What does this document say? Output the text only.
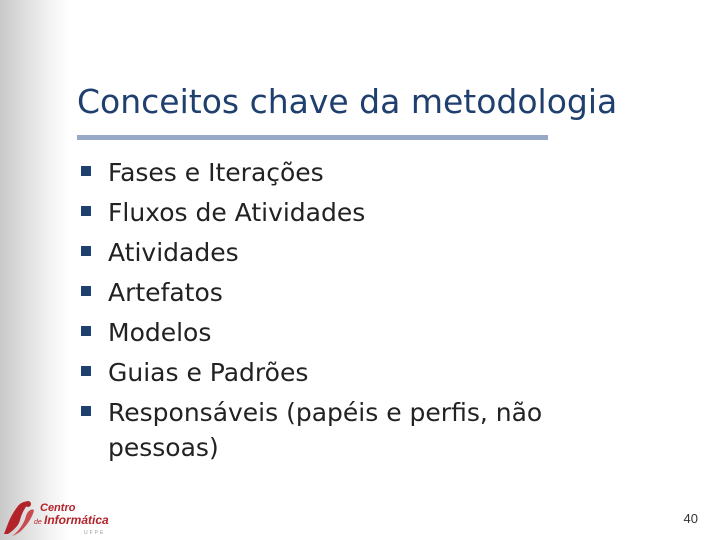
Conceitos chave da metodologia
Fases e Iterações
Fluxos de Atividades
Atividades
Artefatos
Modelos
Guias e Padrões
Responsáveis (papéis e perfis, não pessoas)
Centro
de Informática
UFPE
40
